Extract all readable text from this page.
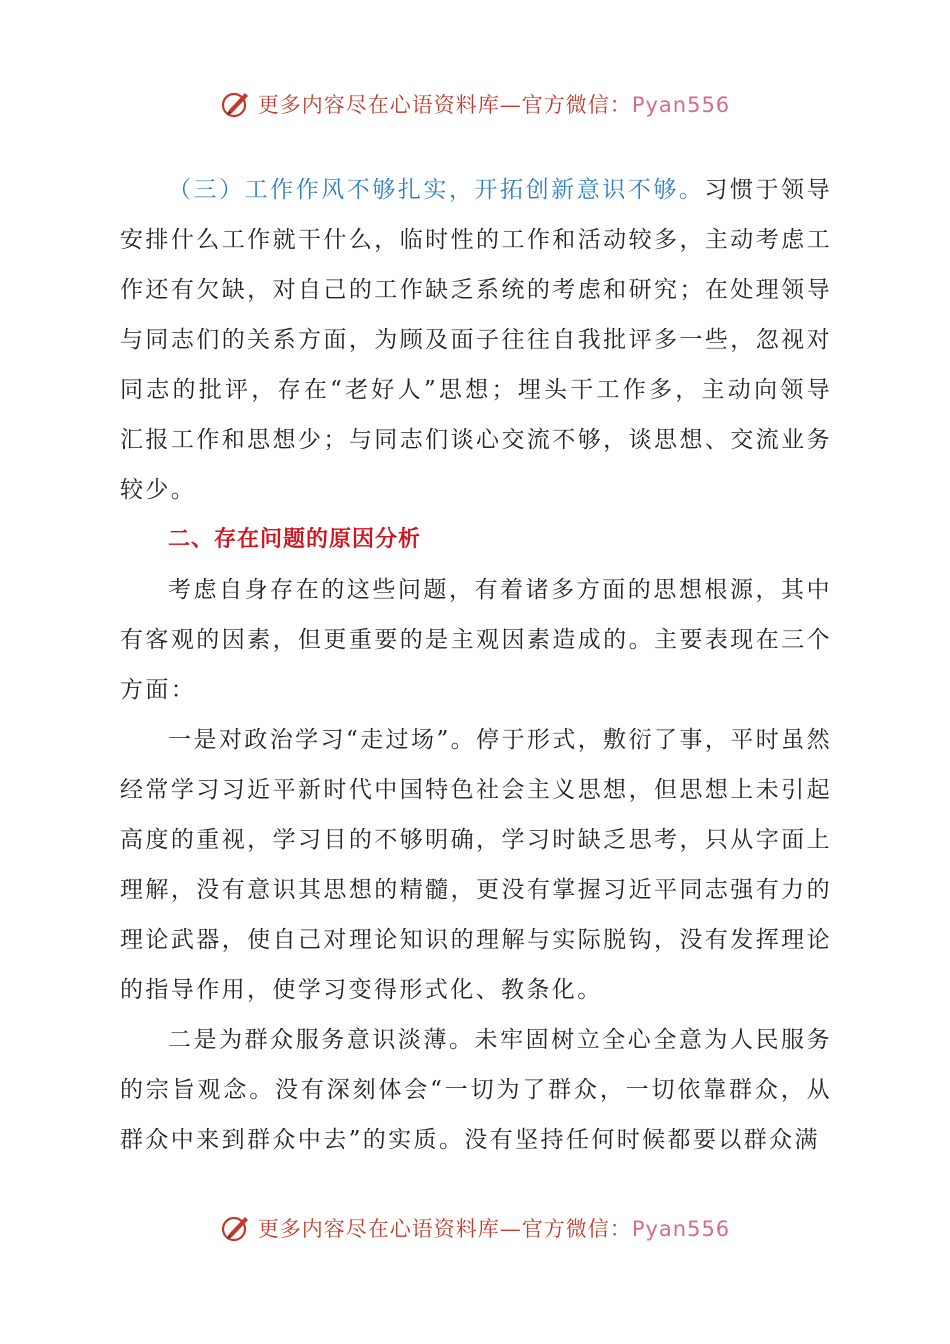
更多内容尽在心语资料库—官方微信：Pyan556

（三）工作作风不够扎实，开拓创新意识不够。习惯于领导安排什么工作就干什么，临时性的工作和活动较多，主动考虑工作还有欠缺，对自己的工作缺乏系统的考虑和研究；在处理领导与同志们的关系方面，为顾及面子往往自我批评多一些，忽视对同志的批评，存在“老好人”思想；埋头干工作多，主动向领导汇报工作和思想少；与同志们谈心交流不够，谈思想、交流业务较少。

二、存在问题的原因分析

考虑自身存在的这些问题，有着诸多方面的思想根源，其中有客观的因素，但更重要的是主观因素造成的。主要表现在三个方面：

一是对政治学习“走过场”。停于形式，敷衍了事，平时虽然经常学习习近平新时代中国特色社会主义思想，但思想上未引起高度的重视，学习目的不够明确，学习时缺乏思考，只从字面上理解，没有意识其思想的精髓，更没有掌握习近平同志强有力的理论武器，使自己对理论知识的理解与实际脱钩，没有发挥理论的指导作用，使学习变得形式化、教条化。

二是为群众服务意识淡薄。未牢固树立全心全意为人民服务的宗旨观念。没有深刻体会“一切为了群众，一切依靠群众，从群众中来到群众中去”的实质。没有坚持任何时候都要以群众满

更多内容尽在心语资料库—官方微信：Pyan556
